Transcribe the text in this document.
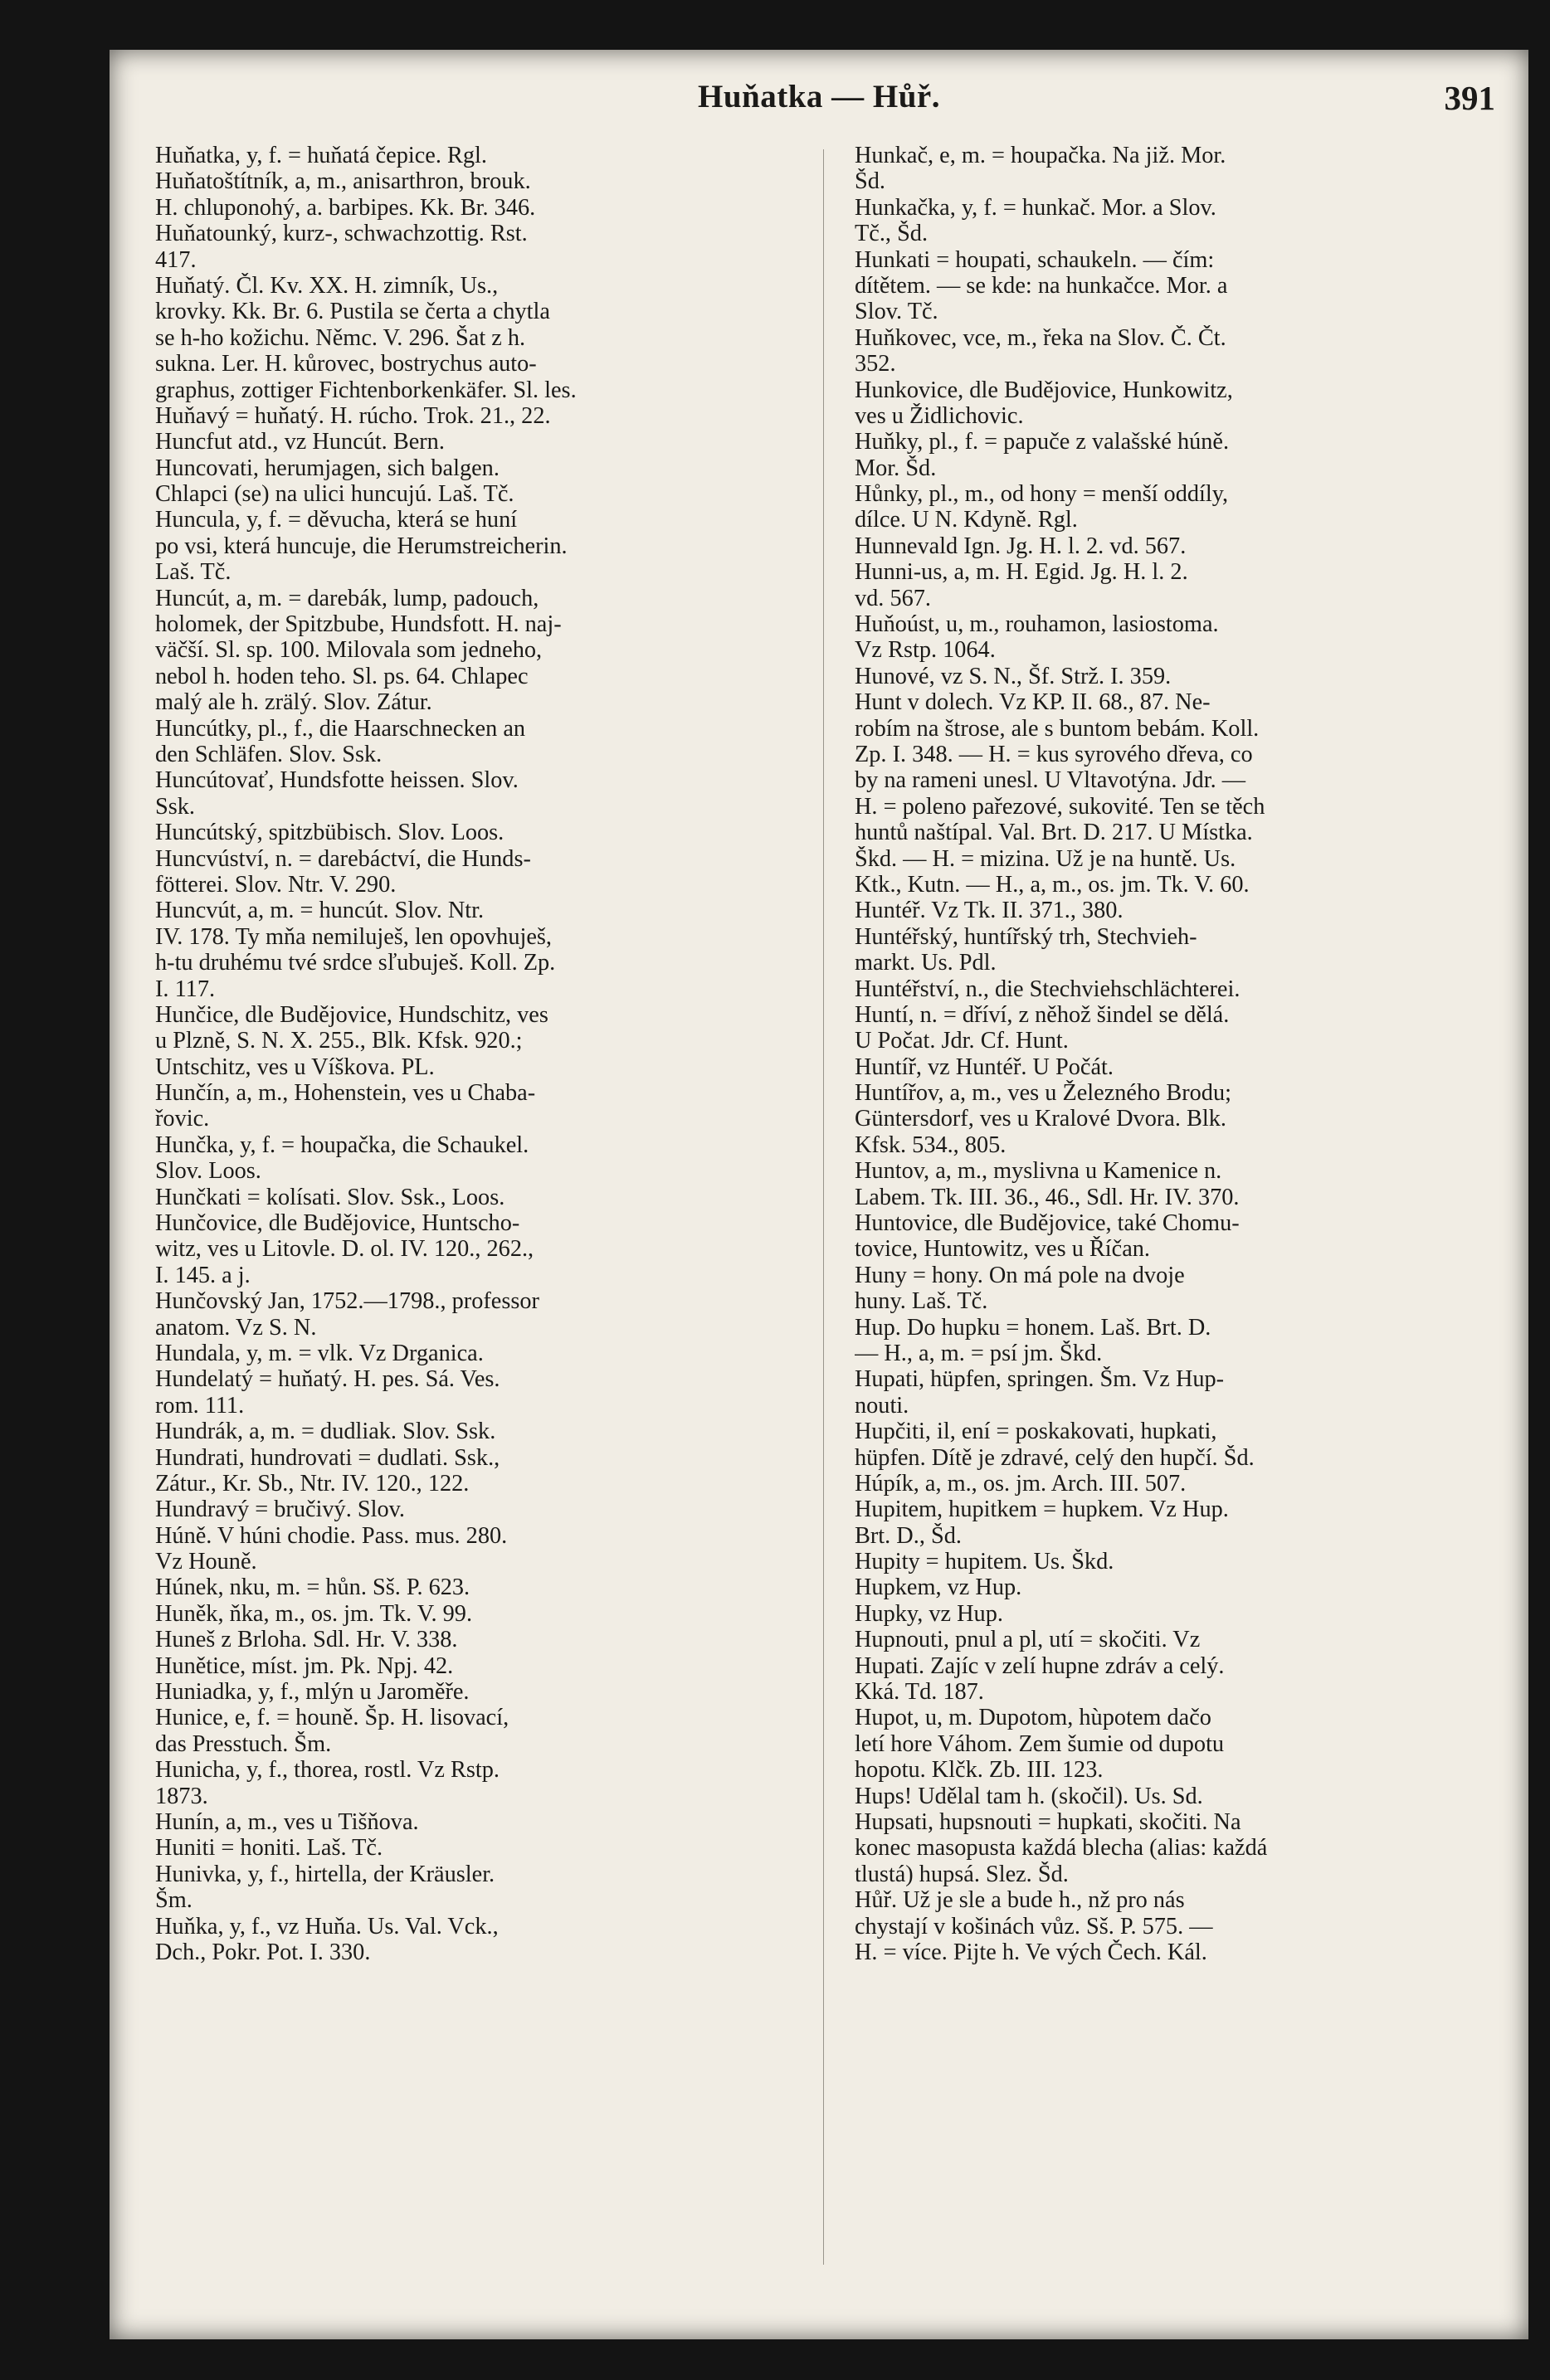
Huňatka — Hůř.	391
Huňatka, y, f. = huňatá čepice. Rgl.
Huňatoštítník, a, m., anisarthron, brouk.
H. chluponohý, a. barbipes. Kk. Br. 346.
Huňatounký, kurz-, schwachzottig. Rst.
417.
Huňatý. Čl. Kv. XX. H. zimník, Us.,
krovky. Kk. Br. 6. Pustila se čerta a chytla
se h-ho kožichu. Němc. V. 296. Šat z h.
sukna. Ler. H. kůrovec, bostrychus auto-
graphus, zottiger Fichtenborkenkäfer. Sl. les.
Huňavý = huňatý. H. rúcho. Trok. 21., 22.
Huncfut atd., vz Huncút. Bern.
Huncovati, herumjagen, sich balgen.
Chlapci (se) na ulici huncujú. Laš. Tč.
Huncula, y, f. = děvucha, která se huní
po vsi, která huncuje, die Herumstreicherin.
Laš. Tč.
Huncút, a, m. = darebák, lump, padouch,
holomek, der Spitzbube, Hundsfott. H. naj-
väčší. Sl. sp. 100. Milovala som jedneho,
nebol h. hoden teho. Sl. ps. 64. Chlapec
malý ale h. zrälý. Slov. Zátur.
Huncútky, pl., f., die Haarschnecken an
den Schläfen. Slov. Ssk.
Huncútovať, Hundsfotte heissen. Slov.
Ssk.
Huncútský, spitzbübisch. Slov. Loos.
Huncvúství, n. = darebáctví, die Hunds-
fötterei. Slov. Ntr. V. 290.
Huncvút, a, m. = huncút. Slov. Ntr.
IV. 178. Ty mňa nemiluješ, len opovhuješ,
h-tu druhému tvé srdce sľubuješ. Koll. Zp.
I. 117.
Hunčice, dle Budějovice, Hundschitz, ves
u Plzně, S. N. X. 255., Blk. Kfsk. 920.;
Untschitz, ves u Víškova. PL.
Hunčín, a, m., Hohenstein, ves u Chaba-
řovic.
Hunčka, y, f. = houpačka, die Schaukel.
Slov. Loos.
Hunčkati = kolísati. Slov. Ssk., Loos.
Hunčovice, dle Budějovice, Huntscho-
witz, ves u Litovle. D. ol. IV. 120., 262.,
I. 145. a j.
Hunčovský Jan, 1752.—1798., professor
anatom. Vz S. N.
Hundala, y, m. = vlk. Vz Drganica.
Hundelatý = huňatý. H. pes. Sá. Ves.
rom. 111.
Hundrák, a, m. = dudliak. Slov. Ssk.
Hundrati, hundrovati = dudlati. Ssk.,
Zátur., Kr. Sb., Ntr. IV. 120., 122.
Hundravý = bručivý. Slov.
Húně. V húni chodie. Pass. mus. 280.
Vz Houně.
Húnek, nku, m. = hůn. Sš. P. 623.
Huněk, ňka, m., os. jm. Tk. V. 99.
Huneš z Brloha. Sdl. Hr. V. 338.
Hunětice, míst. jm. Pk. Npj. 42.
Huniadka, y, f., mlýn u Jaroměře.
Hunice, e, f. = houně. Šp. H. lisovací,
das Presstuch. Šm.
Hunicha, y, f., thorea, rostl. Vz Rstp.
1873.
Hunín, a, m., ves u Tišňova.
Huniti = honiti. Laš. Tč.
Hunivka, y, f., hirtella, der Kräusler.
Šm.
Huňka, y, f., vz Huňa. Us. Val. Vck.,
Dch., Pokr. Pot. I. 330.
Hunkač, e, m. = houpačka. Na již. Mor.
Šd.
Hunkačka, y, f. = hunkač. Mor. a Slov.
Tč., Šd.
Hunkati = houpati, schaukeln. — čím:
dítětem. — se kde: na hunkačce. Mor. a
Slov. Tč.
Huňkovec, vce, m., řeka na Slov. Č. Čt.
352.
Hunkovice, dle Budějovice, Hunkowitz,
ves u Židlichovic.
Huňky, pl., f. = papuče z valašské húně.
Mor. Šd.
Hůnky, pl., m., od hony = menší oddíly,
dílce. U N. Kdyně. Rgl.
Hunnevald Ign. Jg. H. l. 2. vd. 567.
Hunni-us, a, m. H. Egid. Jg. H. l. 2.
vd. 567.
Huňoúst, u, m., rouhamon, lasiostoma.
Vz Rstp. 1064.
Hunové, vz S. N., Šf. Strž. I. 359.
Hunt v dolech. Vz KP. II. 68., 87. Ne-
robím na štrose, ale s buntom bebám. Koll.
Zp. I. 348. — H. = kus syrového dřeva, co
by na rameni unesl. U Vltavotýna. Jdr. —
H. = poleno pařezové, sukovité. Ten se těch
huntů naštípal. Val. Brt. D. 217. U Místka.
Škd. — H. = mizina. Už je na huntě. Us.
Ktk., Kutn. — H., a, m., os. jm. Tk. V. 60.
Huntéř. Vz Tk. II. 371., 380.
Huntéřský, huntířský trh, Stechvieh-
markt. Us. Pdl.
Huntéřství, n., die Stechviehschlächterei.
Huntí, n. = dříví, z něhož šindel se dělá.
U Počat. Jdr. Cf. Hunt.
Huntíř, vz Huntéř. U Počát.
Huntířov, a, m., ves u Železného Brodu;
Güntersdorf, ves u Kralové Dvora. Blk.
Kfsk. 534., 805.
Huntov, a, m., myslivna u Kamenice n.
Labem. Tk. III. 36., 46., Sdl. Hr. IV. 370.
Huntovice, dle Budějovice, také Chomu-
tovice, Huntowitz, ves u Říčan.
Huny = hony. On má pole na dvoje
huny. Laš. Tč.
Hup. Do hupku = honem. Laš. Brt. D.
— H., a, m. = psí jm. Škd.
Hupati, hüpfen, springen. Šm. Vz Hup-
nouti.
Hupčiti, il, ení = poskakovati, hupkati,
hüpfen. Dítě je zdravé, celý den hupčí. Šd.
Húpík, a, m., os. jm. Arch. III. 507.
Hupitem, hupitkem = hupkem. Vz Hup.
Brt. D., Šd.
Hupity = hupitem. Us. Škd.
Hupkem, vz Hup.
Hupky, vz Hup.
Hupnouti, pnul a pl, utí = skočiti. Vz
Hupati. Zajíc v zelí hupne zdráv a celý.
Kká. Td. 187.
Hupot, u, m. Dupotom, hùpotem dačo
letí hore Váhom. Zem šumie od dupotu
hopotu. Klčk. Zb. III. 123.
Hups! Udělal tam h. (skočil). Us. Sd.
Hupsati, hupsnouti = hupkati, skočiti. Na
konec masopusta každá blecha (alias: každá
tlustá) hupsá. Slez. Šd.
Hůř. Už je sle a bude h., nž pro nás
chystají v košinách vůz. Sš. P. 575. —
H. = více. Pijte h. Ve vých Čech. Kál.
